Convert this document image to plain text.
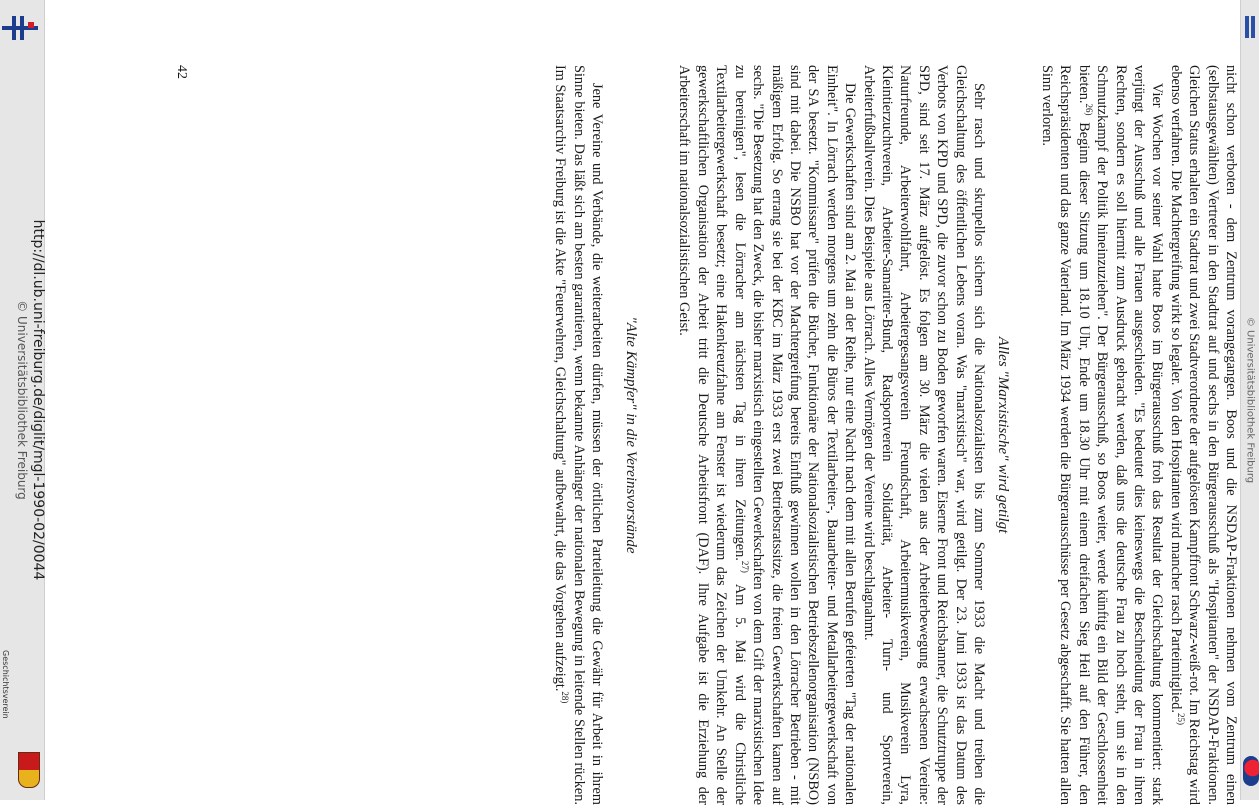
http://dl.ub.uni-freiburg.de/diglit/mgl-1990-02/0044
© Universitätsbibliothek Freiburg
Geschichtsverein
© Universitätsbibliothek Freiburg

nicht schon verboten - dem Zentrum vorangegangen. Boos und die NSDAP-Fraktionen nehmen vom Zentrum einen (selbstausgewählten) Vertreter in den Stadtrat auf und sechs in den Bürgerausschuß als "Hospitanten" der NSDAP-Fraktionen. Gleichen Status erhalten ein Stadtrat und zwei Stadtverordnete der aufgelösten Kampffront Schwarz-weiß-rot. Im Reichstag wird ebenso verfahren. Die Machtergreifung wirkt so legaler. Von den Hospitanten wird mancher rasch Parteimitglied.$^{25)}$

Vier Wochen vor seiner Wahl hatte Boos im Bürgerausschuß froh das Resultat der Gleichschaltung kommentiert: stark verjüngt der Ausschuß und alle Frauen ausgeschieden. "Es bedeutet dies keineswegs die Beschneidung der Frau in ihren Rechten, sondern es soll hiermit zum Ausdruck gebracht werden, daß uns die deutsche Frau zu hoch steht, um sie in den Schmutzkampf der Politik hineinzuziehen". Der Bürgerausschuß, so Boos weiter, werde künftig ein Bild der Geschlossenheit bieten.$^{26)}$ Beginn dieser Sitzung um 18.10 Uhr, Ende um 18.30 Uhr mit einem dreifachen Sieg Heil auf den Führer, den Reichspräsidenten und das ganze Vaterland. Im März 1934 werden die Bürgerausschüsse per Gesetz abgeschafft. Sie hatten allen Sinn verloren.

Alles "Marxistische" wird getilgt

Sehr rasch und skrupellos sichern sich die Nationalsozialisten bis zum Sommer 1933 die Macht und treiben die Gleichschaltung des öffentlichen Lebens voran. Was "marxistisch" war, wird getilgt. Der 23. Juni 1933 ist das Datum des Verbots von KPD und SPD, die zuvor schon zu Boden geworfen waren. Eiserne Front und Reichsbanner, die Schutztruppe der SPD, sind seit 17. März aufgelöst. Es folgen am 30. März die vielen aus der Arbeiterbewegung erwachsenen Vereine: Naturfreunde, Arbeiterwohlfahrt, Arbeitergesangsverein Freundschaft, Arbeitermusikverein, Musikverein Lyra, Kleintierzuchtverein, Arbeiter-Samariter-Bund, Radsportverein Solidarität, Arbeiter- Turn- und Sportverein, Arbeiterfußballverein. Dies Beispiele aus Lörrach. Alles Vermögen der Vereine wird beschlagnahmt.

Die Gewerkschaften sind am 2. Mai an der Reihe, nur eine Nacht nach dem mit allen Berufen gefeierten "Tag der nationalen Einheit". In Lörrach werden morgens um zehn die Büros der Textilarbeiter-, Bauarbeiter- und Metallarbeitergewerkschaft von der SA besetzt. "Kommissare" prüfen die Bücher, Funktionäre der Nationalsozialistischen Betriebszellenorganisation (NSBO) sind mit dabei. Die NSBO hat vor der Machtergreifung bereits Einfluß gewinnen wollen in den Lörracher Betrieben - mit mäßigem Erfolg. So errang sie bei der KBC im März 1933 erst zwei Betriebsratssitze, die freien Gewerkschaften kamen auf sechs. "Die Besetzung hat den Zweck, die bisher marxistisch eingestellten Gewerkschaften von dem Gift der marxistischen Idee zu bereinigen", lesen die Lörracher am nächsten Tag in ihren Zeitungen.$^{27)}$ Am 5. Mai wird die Christliche Textilarbeitergewerkschaft besetzt; eine Hakenkreuzfahne am Fenster ist wiederum das Zeichen der Umkehr. An Stelle der gewerkschaftlichen Organisation der Arbeit tritt die Deutsche Arbeitsfront (DAF). Ihre Aufgabe ist die Erziehung der Arbeiterschaft im nationalsozialistischen Geist.

"Alte Kämpfer" in die Vereinsvorstände

Jene Vereine und Verbände, die weiterarbeiten dürfen, müssen der örtlichen Parteileitung die Gewähr für Arbeit in ihrem Sinne bieten. Das läßt sich am besten garantieren, wenn bekannte Anhänger der nationalen Bewegung in leitende Stellen rücken. Im Staatsarchiv Freiburg ist die Akte "Feuerwehren, Gleichschaltung" aufbewahrt, die das Vorgehen aufzeigt.$^{28)}$

42
